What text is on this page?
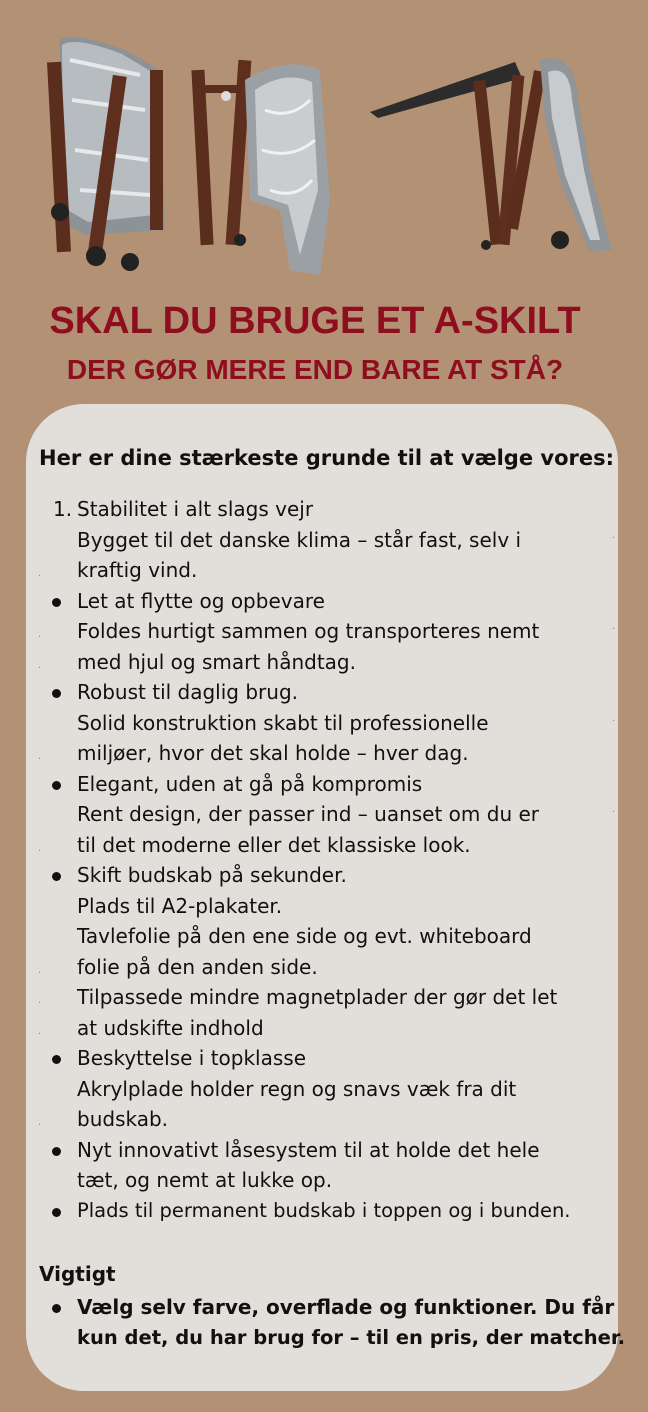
SKAL DU BRUGE ET A-SKILT
DER GØR MERE END BARE AT STÅ?
Her er dine stærkeste grunde til at vælge vores:
1. Stabilitet i alt slags vejr
.
Bygget til det danske klima – står fast, selv i
. kraftig vind.
Let at flytte og opbevare
.
.
Foldes hurtigt sammen og transporteres nemt
. med hjul og smart håndtag.
Robust til daglig brug.
.
Solid konstruktion skabt til professionelle
. miljøer, hvor det skal holde – hver dag.
Elegant, uden at gå på kompromis
.
Rent design, der passer ind – uanset om du er
. til det moderne eller det klassiske look.
Skift budskab på sekunder.
Plads til A2-plakater.
Tavlefolie på den ene side og evt. whiteboard
. folie på den anden side.
. Tilpassede mindre magnetplader der gør det let
. at udskifte indhold
Beskyttelse i topklasse
Akrylplade holder regn og snavs væk fra dit
. budskab.
Nyt innovativt låsesystem til at holde det hele
tæt, og nemt at lukke op.
Plads til permanent budskab i toppen og i bunden.
Vigtigt
Vælg selv farve, overflade og funktioner. Du får
kun det, du har brug for – til en pris, der matcher.
